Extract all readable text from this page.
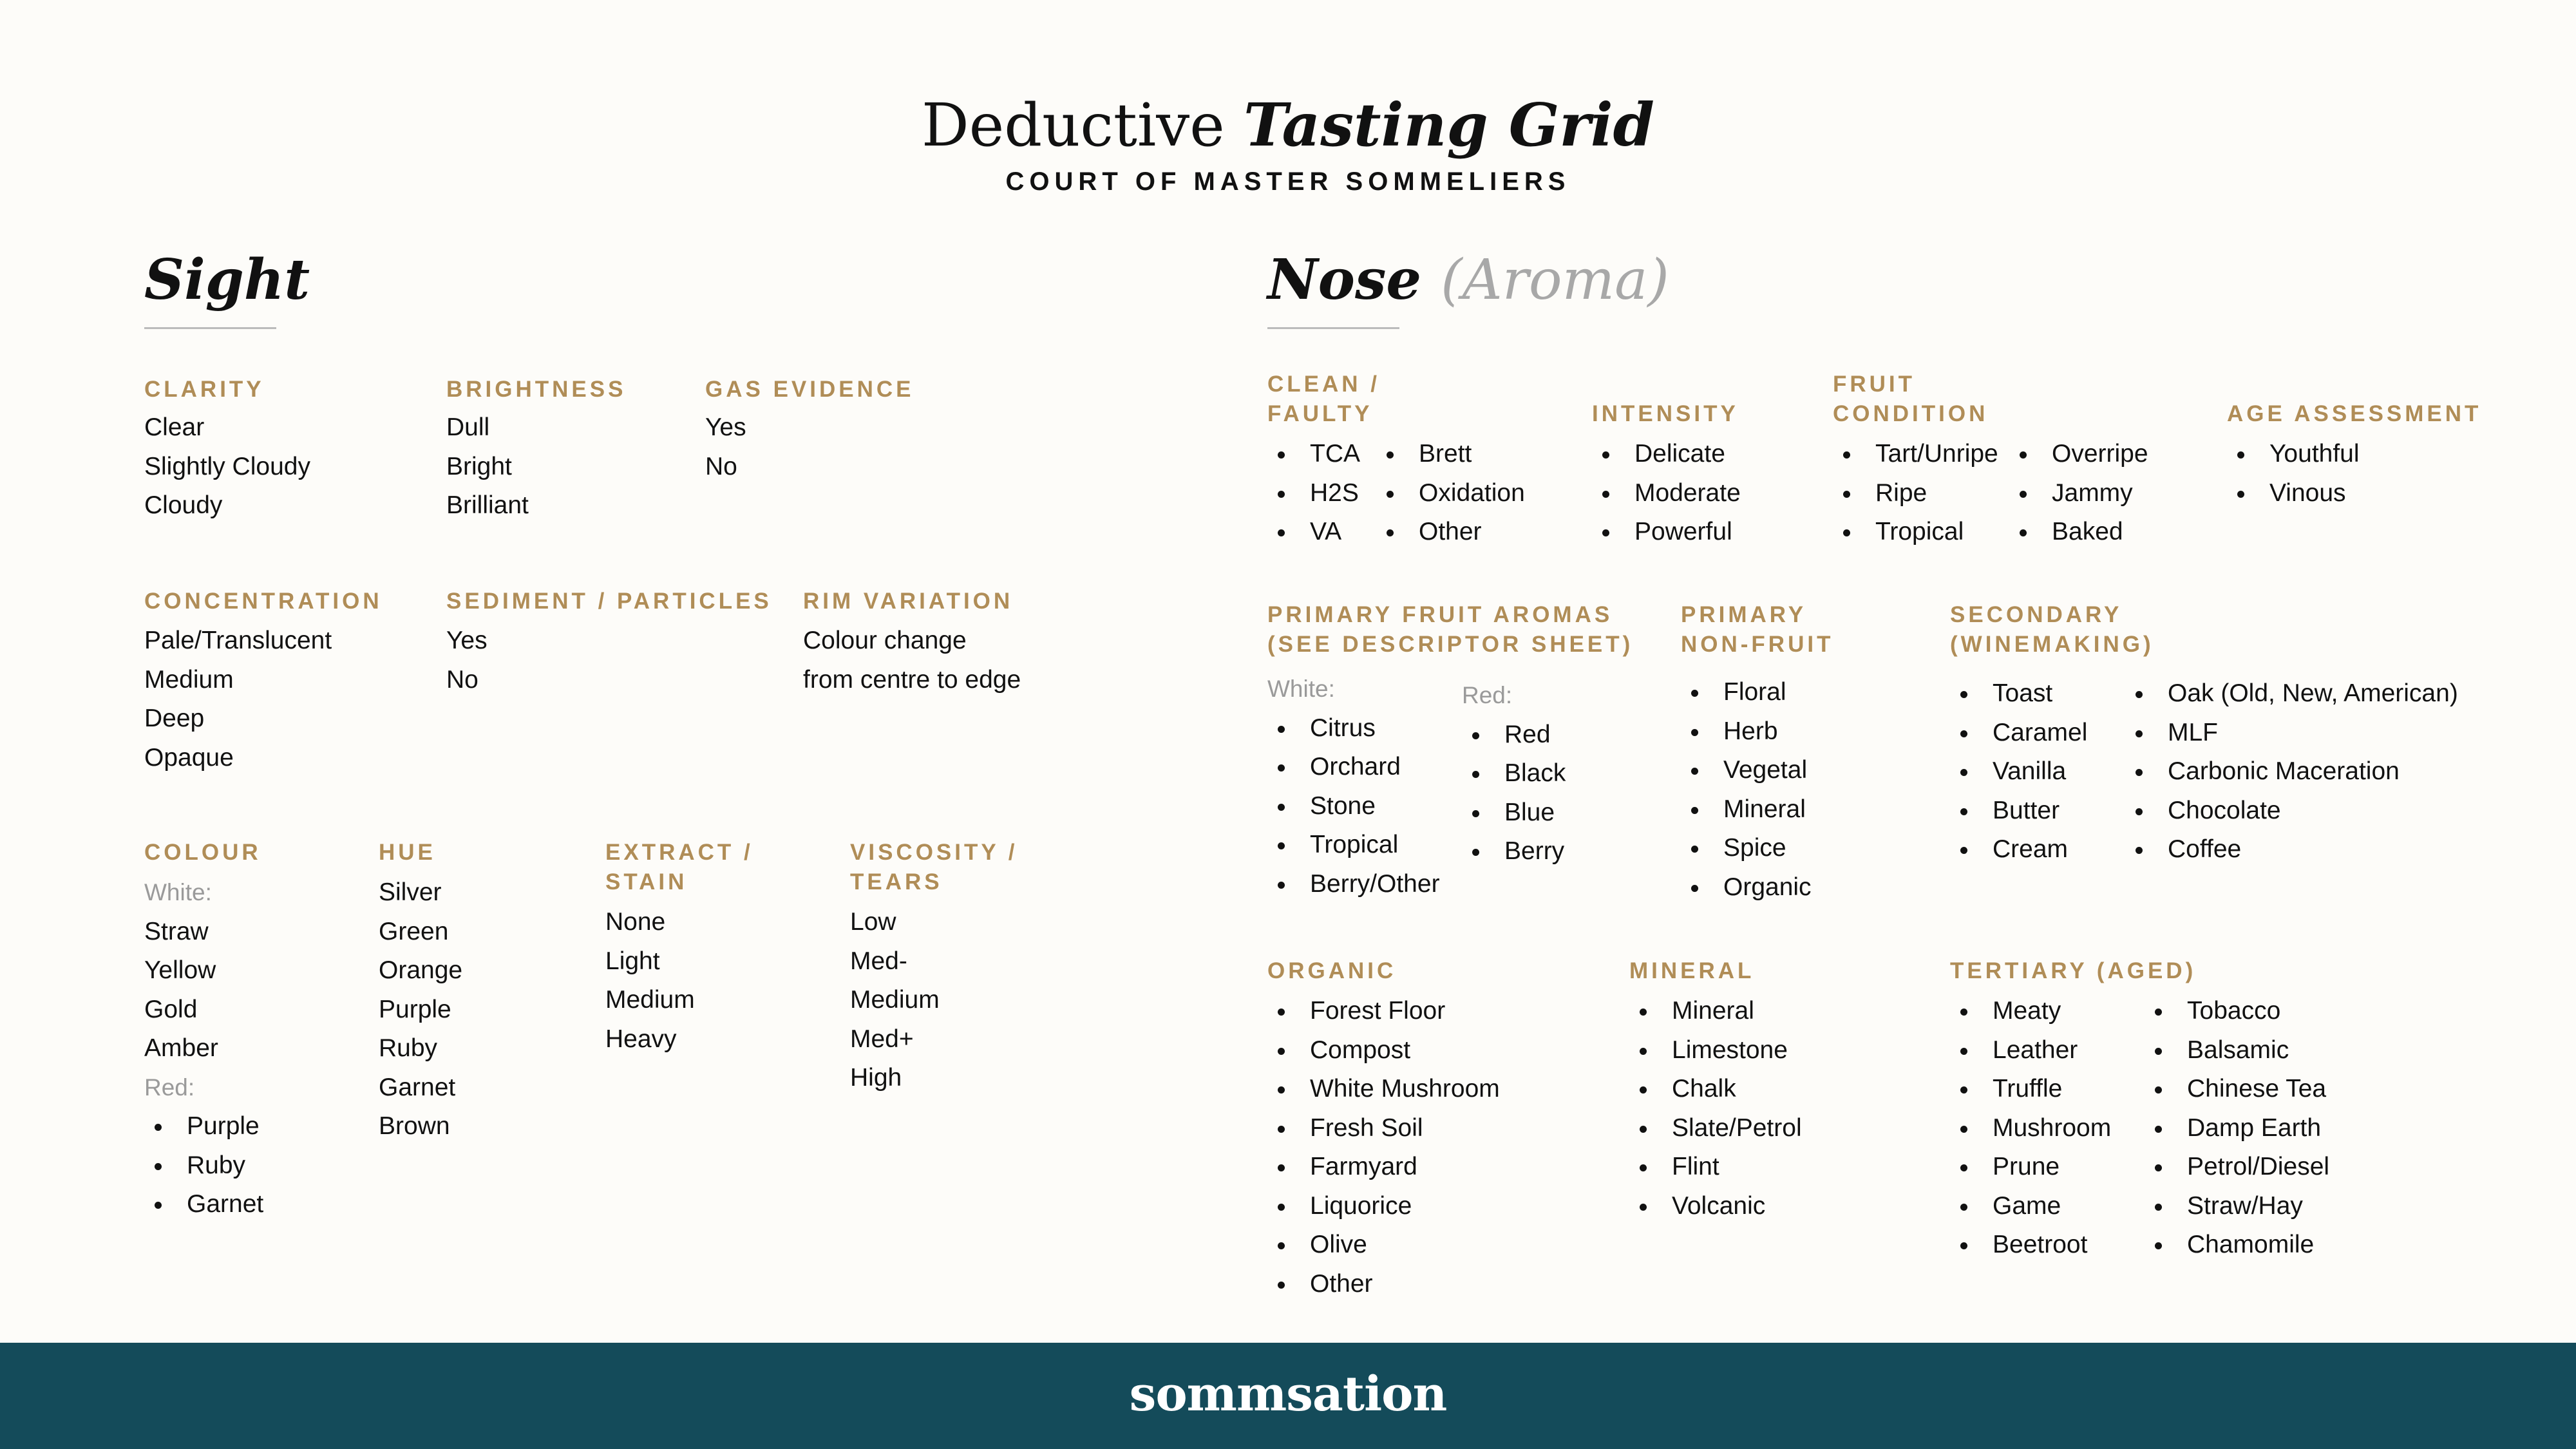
Deductive Tasting Grid
COURT OF MASTER SOMMELIERS
Sight
CLARITY
Clear
Slightly Cloudy
Cloudy
BRIGHTNESS
Dull
Bright
Brilliant
GAS EVIDENCE
Yes
No
CONCENTRATION
Pale/Translucent
Medium
Deep
Opaque
SEDIMENT / PARTICLES
Yes
No
RIM VARIATION
Colour change
from centre to edge
COLOUR
White:
Straw
Yellow
Gold
Amber
Red:
Purple
Ruby
Garnet
HUE
Silver
Green
Orange
Purple
Ruby
Garnet
Brown
EXTRACT /
STAIN
None
Light
Medium
Heavy
VISCOSITY /
TEARS
Low
Med-
Medium
Med+
High
Nose (Aroma)
CLEAN /
FAULTY
TCA
H2S
VA
Brett
Oxidation
Other
INTENSITY
Delicate
Moderate
Powerful
FRUIT
CONDITION
Tart/Unripe
Ripe
Tropical
Overripe
Jammy
Baked
AGE ASSESSMENT
Youthful
Vinous
PRIMARY FRUIT AROMAS
(SEE DESCRIPTOR SHEET)
White:
Citrus
Orchard
Stone
Tropical
Berry/Other
Red:
Red
Black
Blue
Berry
PRIMARY
NON-FRUIT
Floral
Herb
Vegetal
Mineral
Spice
Organic
SECONDARY
(WINEMAKING)
Toast
Caramel
Vanilla
Butter
Cream
Oak (Old, New, American)
MLF
Carbonic Maceration
Chocolate
Coffee
ORGANIC
Forest Floor
Compost
White Mushroom
Fresh Soil
Farmyard
Liquorice
Olive
Other
MINERAL
Mineral
Limestone
Chalk
Slate/Petrol
Flint
Volcanic
TERTIARY (AGED)
Meaty
Leather
Truffle
Mushroom
Prune
Game
Beetroot
Tobacco
Balsamic
Chinese Tea
Damp Earth
Petrol/Diesel
Straw/Hay
Chamomile
sommsation
